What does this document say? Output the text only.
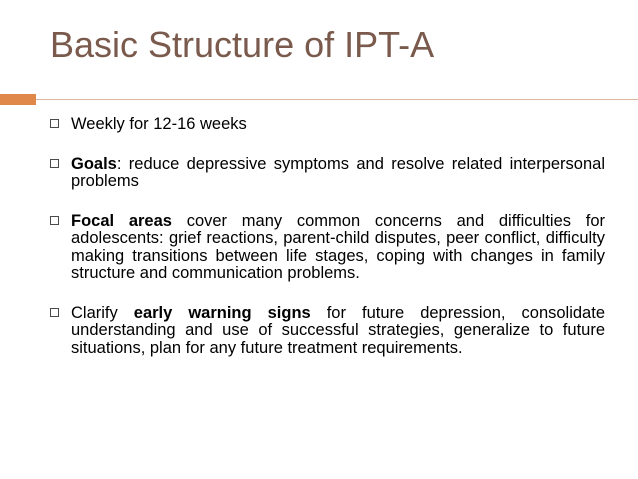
Basic Structure of IPT-A
Weekly for 12-16 weeks
Goals: reduce depressive symptoms and resolve related interpersonal problems
Focal areas cover many common concerns and difficulties for adolescents: grief reactions, parent-child disputes, peer conflict, difficulty making transitions between life stages, coping with changes in family structure and communication problems.
Clarify early warning signs for future depression, consolidate understanding and use of successful strategies, generalize to future situations, plan for any future treatment requirements.
